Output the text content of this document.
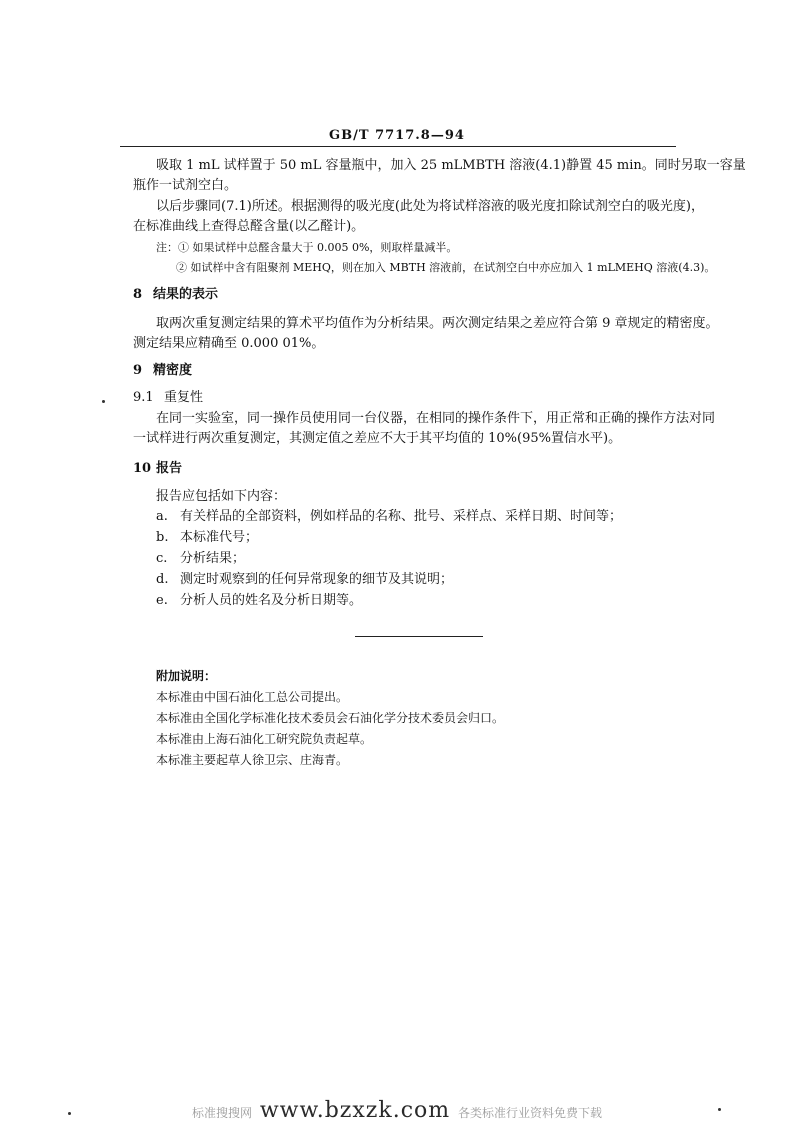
GB/T 7717.8—94
吸取 1 mL 试样置于 50 mL 容量瓶中，加入 25 mLMBTH 溶液(4.1)静置 45 min。同时另取一容量
瓶作一试剂空白。
以后步骤同(7.1)所述。根据测得的吸光度(此处为将试样溶液的吸光度扣除试剂空白的吸光度)，
在标准曲线上查得总醛含量(以乙醛计)。
注：① 如果试样中总醛含量大于 0.005 0%，则取样量减半。
② 如试样中含有阻聚剂 MEHQ，则在加入 MBTH 溶液前，在试剂空白中亦应加入 1 mLMEHQ 溶液(4.3)。
8 结果的表示
取两次重复测定结果的算术平均值作为分析结果。两次测定结果之差应符合第 9 章规定的精密度。
测定结果应精确至 0.000 01%。
9 精密度
9.1 重复性
在同一实验室，同一操作员使用同一台仪器，在相同的操作条件下，用正常和正确的操作方法对同
一试样进行两次重复测定，其测定值之差应不大于其平均值的 10%(95%置信水平)。
10 报告
报告应包括如下内容：
a. 有关样品的全部资料，例如样品的名称、批号、采样点、采样日期、时间等；
b. 本标准代号；
c. 分析结果；
d. 测定时观察到的任何异常现象的细节及其说明；
e. 分析人员的姓名及分析日期等。
附加说明：
本标准由中国石油化工总公司提出。
本标准由全国化学标准化技术委员会石油化学分技术委员会归口。
本标准由上海石油化工研究院负责起草。
本标准主要起草人徐卫宗、庄海青。
标准搜搜网 www.bzxzk.com 各类标准行业资料免费下载
